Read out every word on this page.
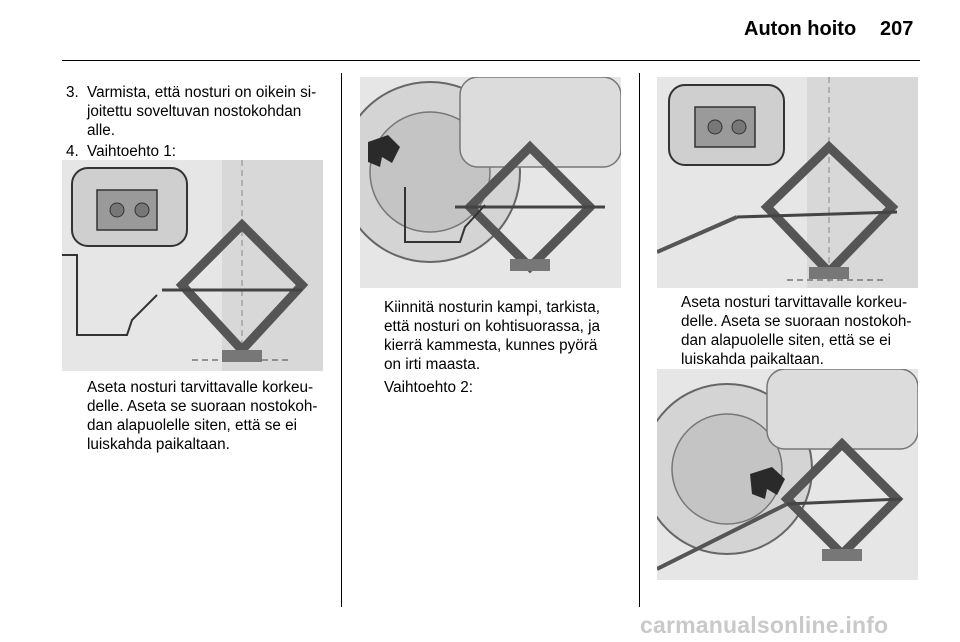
Auton hoito 207
3. Varmista, että nosturi on oikein si-
joitettu soveltuvan nostokohdan
alle.
4. Vaihtoehto 1:
Aseta nosturi tarvittavalle korkeu-
delle. Aseta se suoraan nostokoh-
dan alapuolelle siten, että se ei
luiskahda paikaltaan.
Kiinnitä nosturin kampi, tarkista,
että nosturi on kohtisuorassa, ja
kierrä kammesta, kunnes pyörä
on irti maasta.
Vaihtoehto 2:
Aseta nosturi tarvittavalle korkeu-
delle. Aseta se suoraan nostokoh-
dan alapuolelle siten, että se ei
luiskahda paikaltaan.
carmanualsonline.info
